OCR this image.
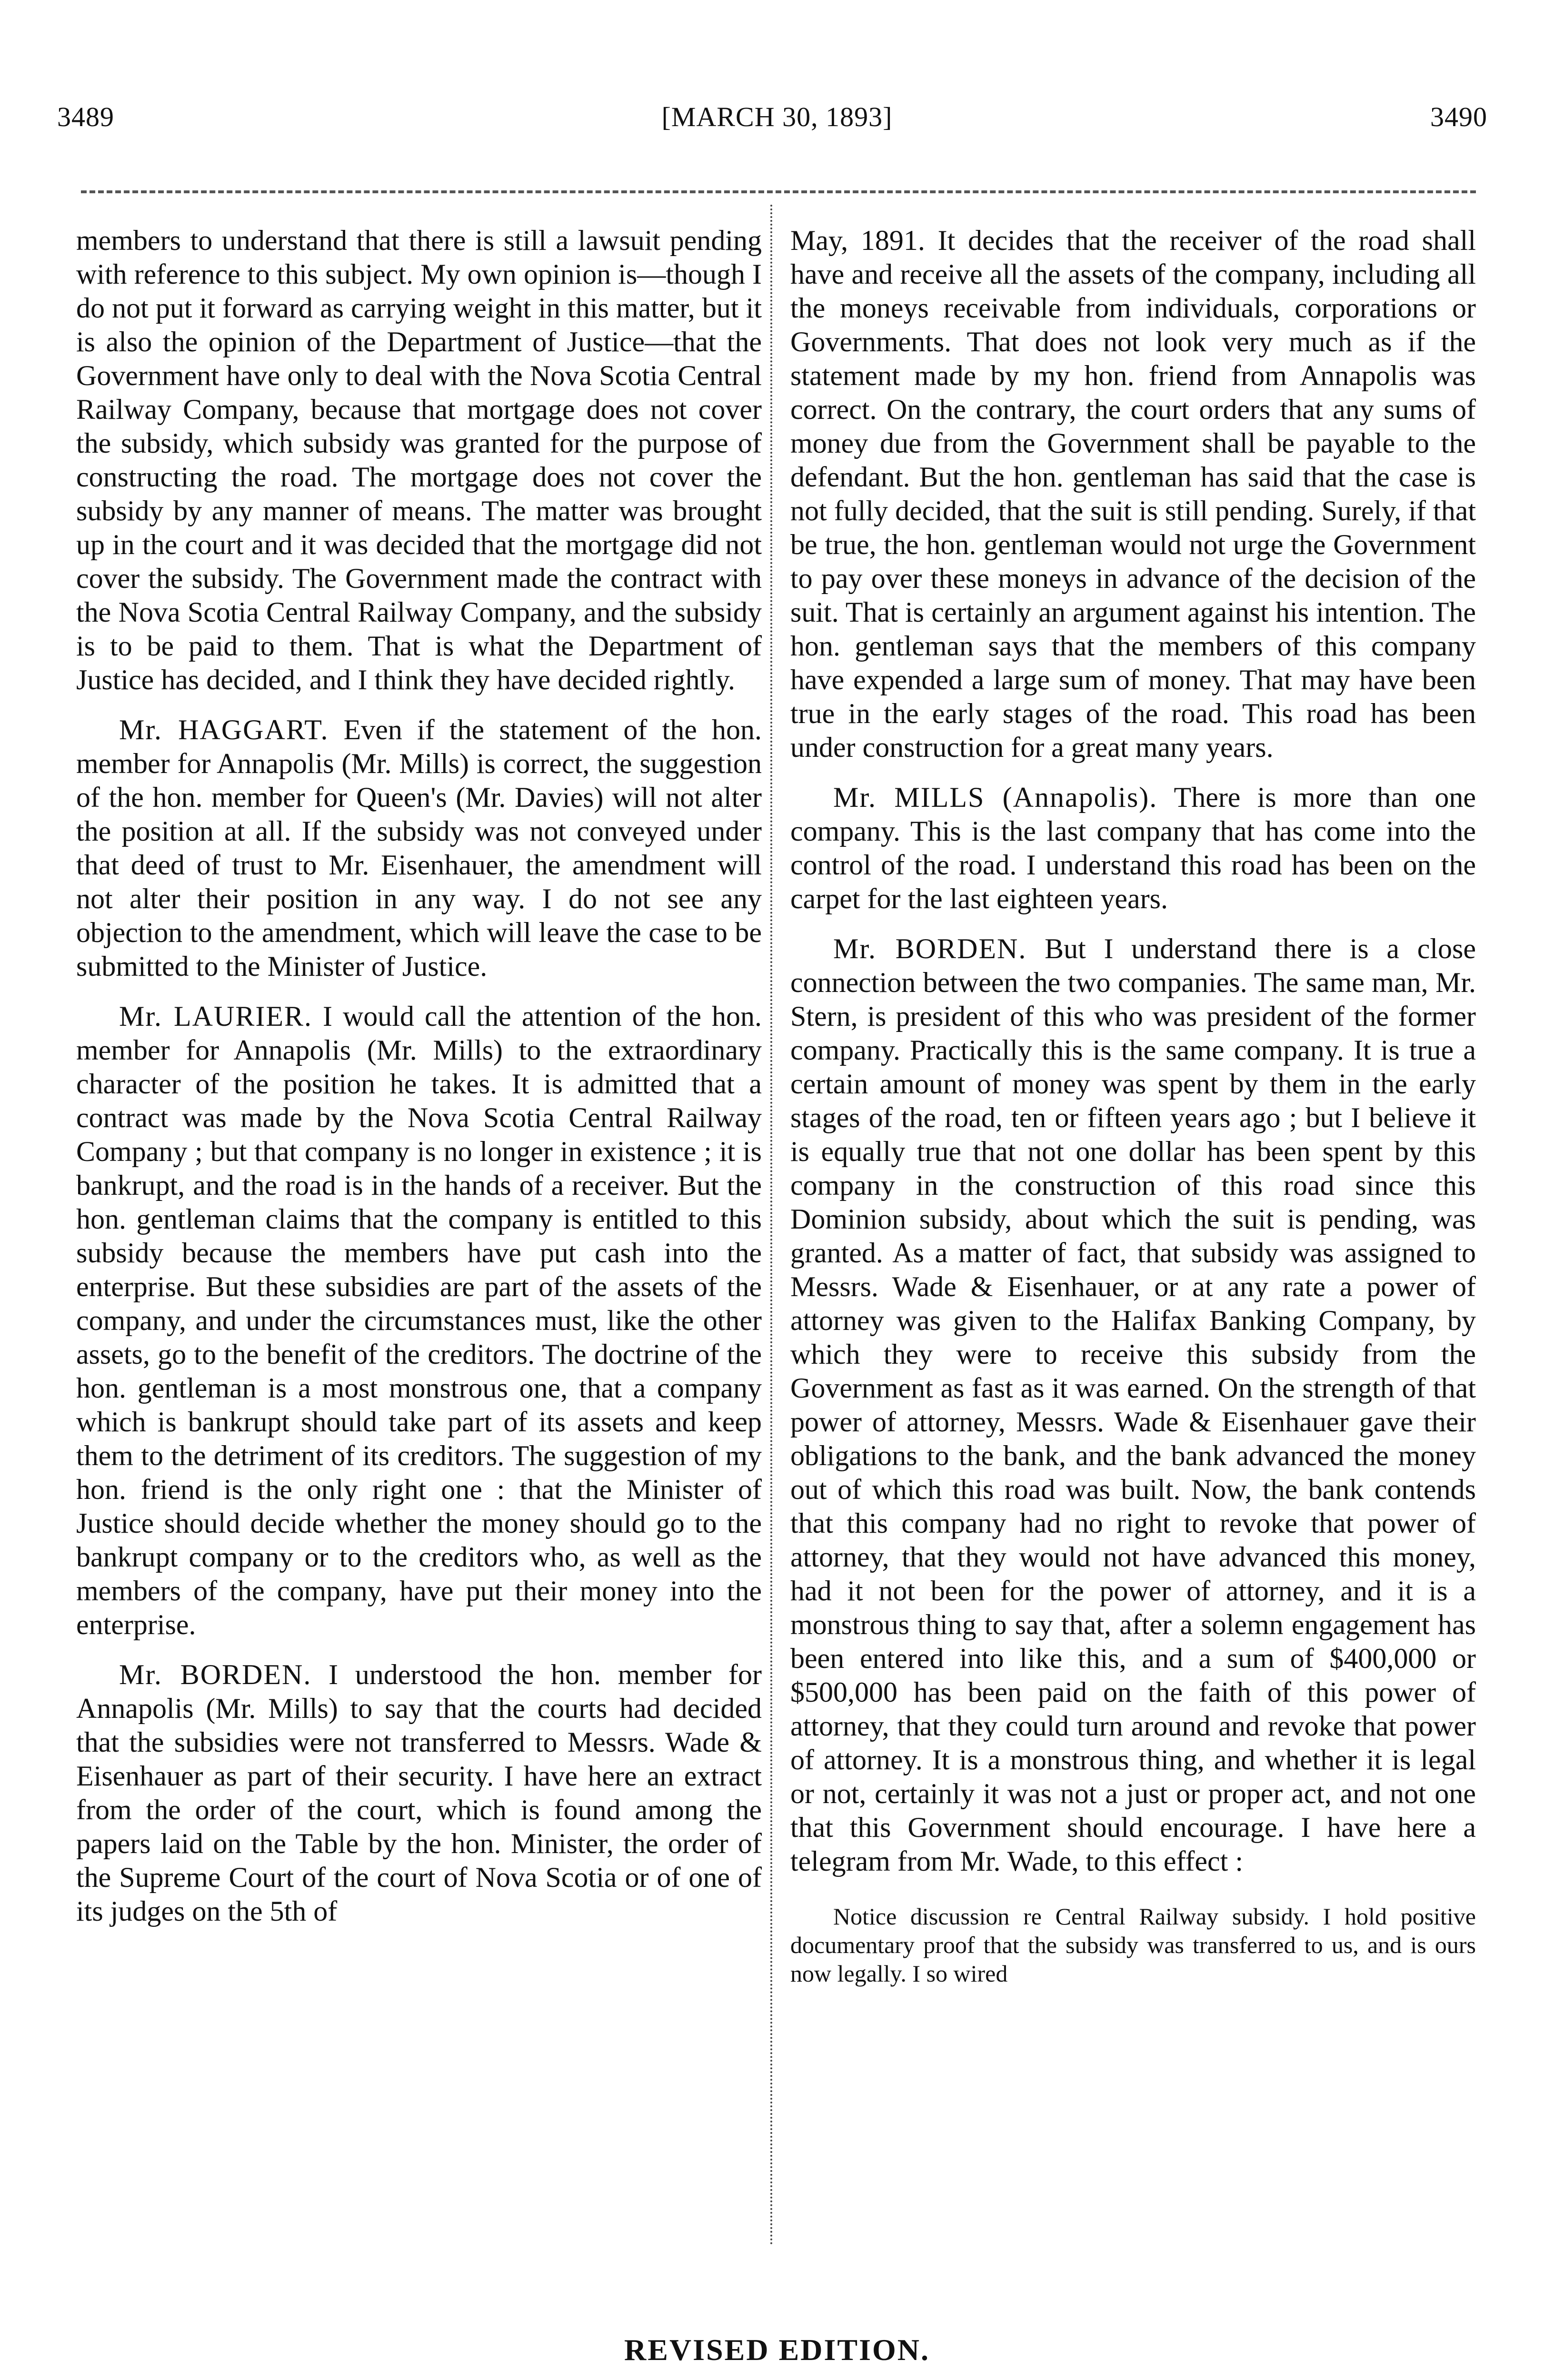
3489	[MARCH 30, 1893]	3490

members to understand that there is still a lawsuit pending with reference to this subject. My own opinion is—though I do not put it forward as carrying weight in this matter, but it is also the opinion of the Department of Justice—that the Government have only to deal with the Nova Scotia Central Railway Company, because that mortgage does not cover the subsidy, which subsidy was granted for the purpose of constructing the road. The mortgage does not cover the subsidy by any manner of means. The matter was brought up in the court and it was decided that the mortgage did not cover the subsidy. The Government made the contract with the Nova Scotia Central Railway Company, and the subsidy is to be paid to them. That is what the Department of Justice has decided, and I think they have decided rightly.

Mr. HAGGART. Even if the statement of the hon. member for Annapolis (Mr. Mills) is correct, the suggestion of the hon. member for Queen's (Mr. Davies) will not alter the position at all. If the subsidy was not conveyed under that deed of trust to Mr. Eisenhauer, the amendment will not alter their position in any way. I do not see any objection to the amendment, which will leave the case to be submitted to the Minister of Justice.

Mr. LAURIER. I would call the attention of the hon. member for Annapolis (Mr. Mills) to the extraordinary character of the position he takes. It is admitted that a contract was made by the Nova Scotia Central Railway Company ; but that company is no longer in existence ; it is bankrupt, and the road is in the hands of a receiver. But the hon. gentleman claims that the company is entitled to this subsidy because the members have put cash into the enterprise. But these subsidies are part of the assets of the company, and under the circumstances must, like the other assets, go to the benefit of the creditors. The doctrine of the hon. gentleman is a most monstrous one, that a company which is bankrupt should take part of its assets and keep them to the detriment of its creditors. The suggestion of my hon. friend is the only right one : that the Minister of Justice should decide whether the money should go to the bankrupt company or to the creditors who, as well as the members of the company, have put their money into the enterprise.

Mr. BORDEN. I understood the hon. member for Annapolis (Mr. Mills) to say that the courts had decided that the subsidies were not transferred to Messrs. Wade & Eisenhauer as part of their security. I have here an extract from the order of the court, which is found among the papers laid on the Table by the hon. Minister, the order of the Supreme Court of the court of Nova Scotia or of one of its judges on the 5th of

May, 1891. It decides that the receiver of the road shall have and receive all the assets of the company, including all the moneys receivable from individuals, corporations or Governments. That does not look very much as if the statement made by my hon. friend from Annapolis was correct. On the contrary, the court orders that any sums of money due from the Government shall be payable to the defendant. But the hon. gentleman has said that the case is not fully decided, that the suit is still pending. Surely, if that be true, the hon. gentleman would not urge the Government to pay over these moneys in advance of the decision of the suit. That is certainly an argument against his intention. The hon. gentleman says that the members of this company have expended a large sum of money. That may have been true in the early stages of the road. This road has been under construction for a great many years.

Mr. MILLS (Annapolis). There is more than one company. This is the last company that has come into the control of the road. I understand this road has been on the carpet for the last eighteen years.

Mr. BORDEN. But I understand there is a close connection between the two companies. The same man, Mr. Stern, is president of this who was president of the former company. Practically this is the same company. It is true a certain amount of money was spent by them in the early stages of the road, ten or fifteen years ago ; but I believe it is equally true that not one dollar has been spent by this company in the construction of this road since this Dominion subsidy, about which the suit is pending, was granted. As a matter of fact, that subsidy was assigned to Messrs. Wade & Eisenhauer, or at any rate a power of attorney was given to the Halifax Banking Company, by which they were to receive this subsidy from the Government as fast as it was earned. On the strength of that power of attorney, Messrs. Wade & Eisenhauer gave their obligations to the bank, and the bank advanced the money out of which this road was built. Now, the bank contends that this company had no right to revoke that power of attorney, that they would not have advanced this money, had it not been for the power of attorney, and it is a monstrous thing to say that, after a solemn engagement has been entered into like this, and a sum of $400,000 or $500,000 has been paid on the faith of this power of attorney, that they could turn around and revoke that power of attorney. It is a monstrous thing, and whether it is legal or not, certainly it was not a just or proper act, and not one that this Government should encourage. I have here a telegram from Mr. Wade, to this effect :

Notice discussion re Central Railway subsidy. I hold positive documentary proof that the subsidy was transferred to us, and is ours now legally. I so wired

REVISED EDITION.
